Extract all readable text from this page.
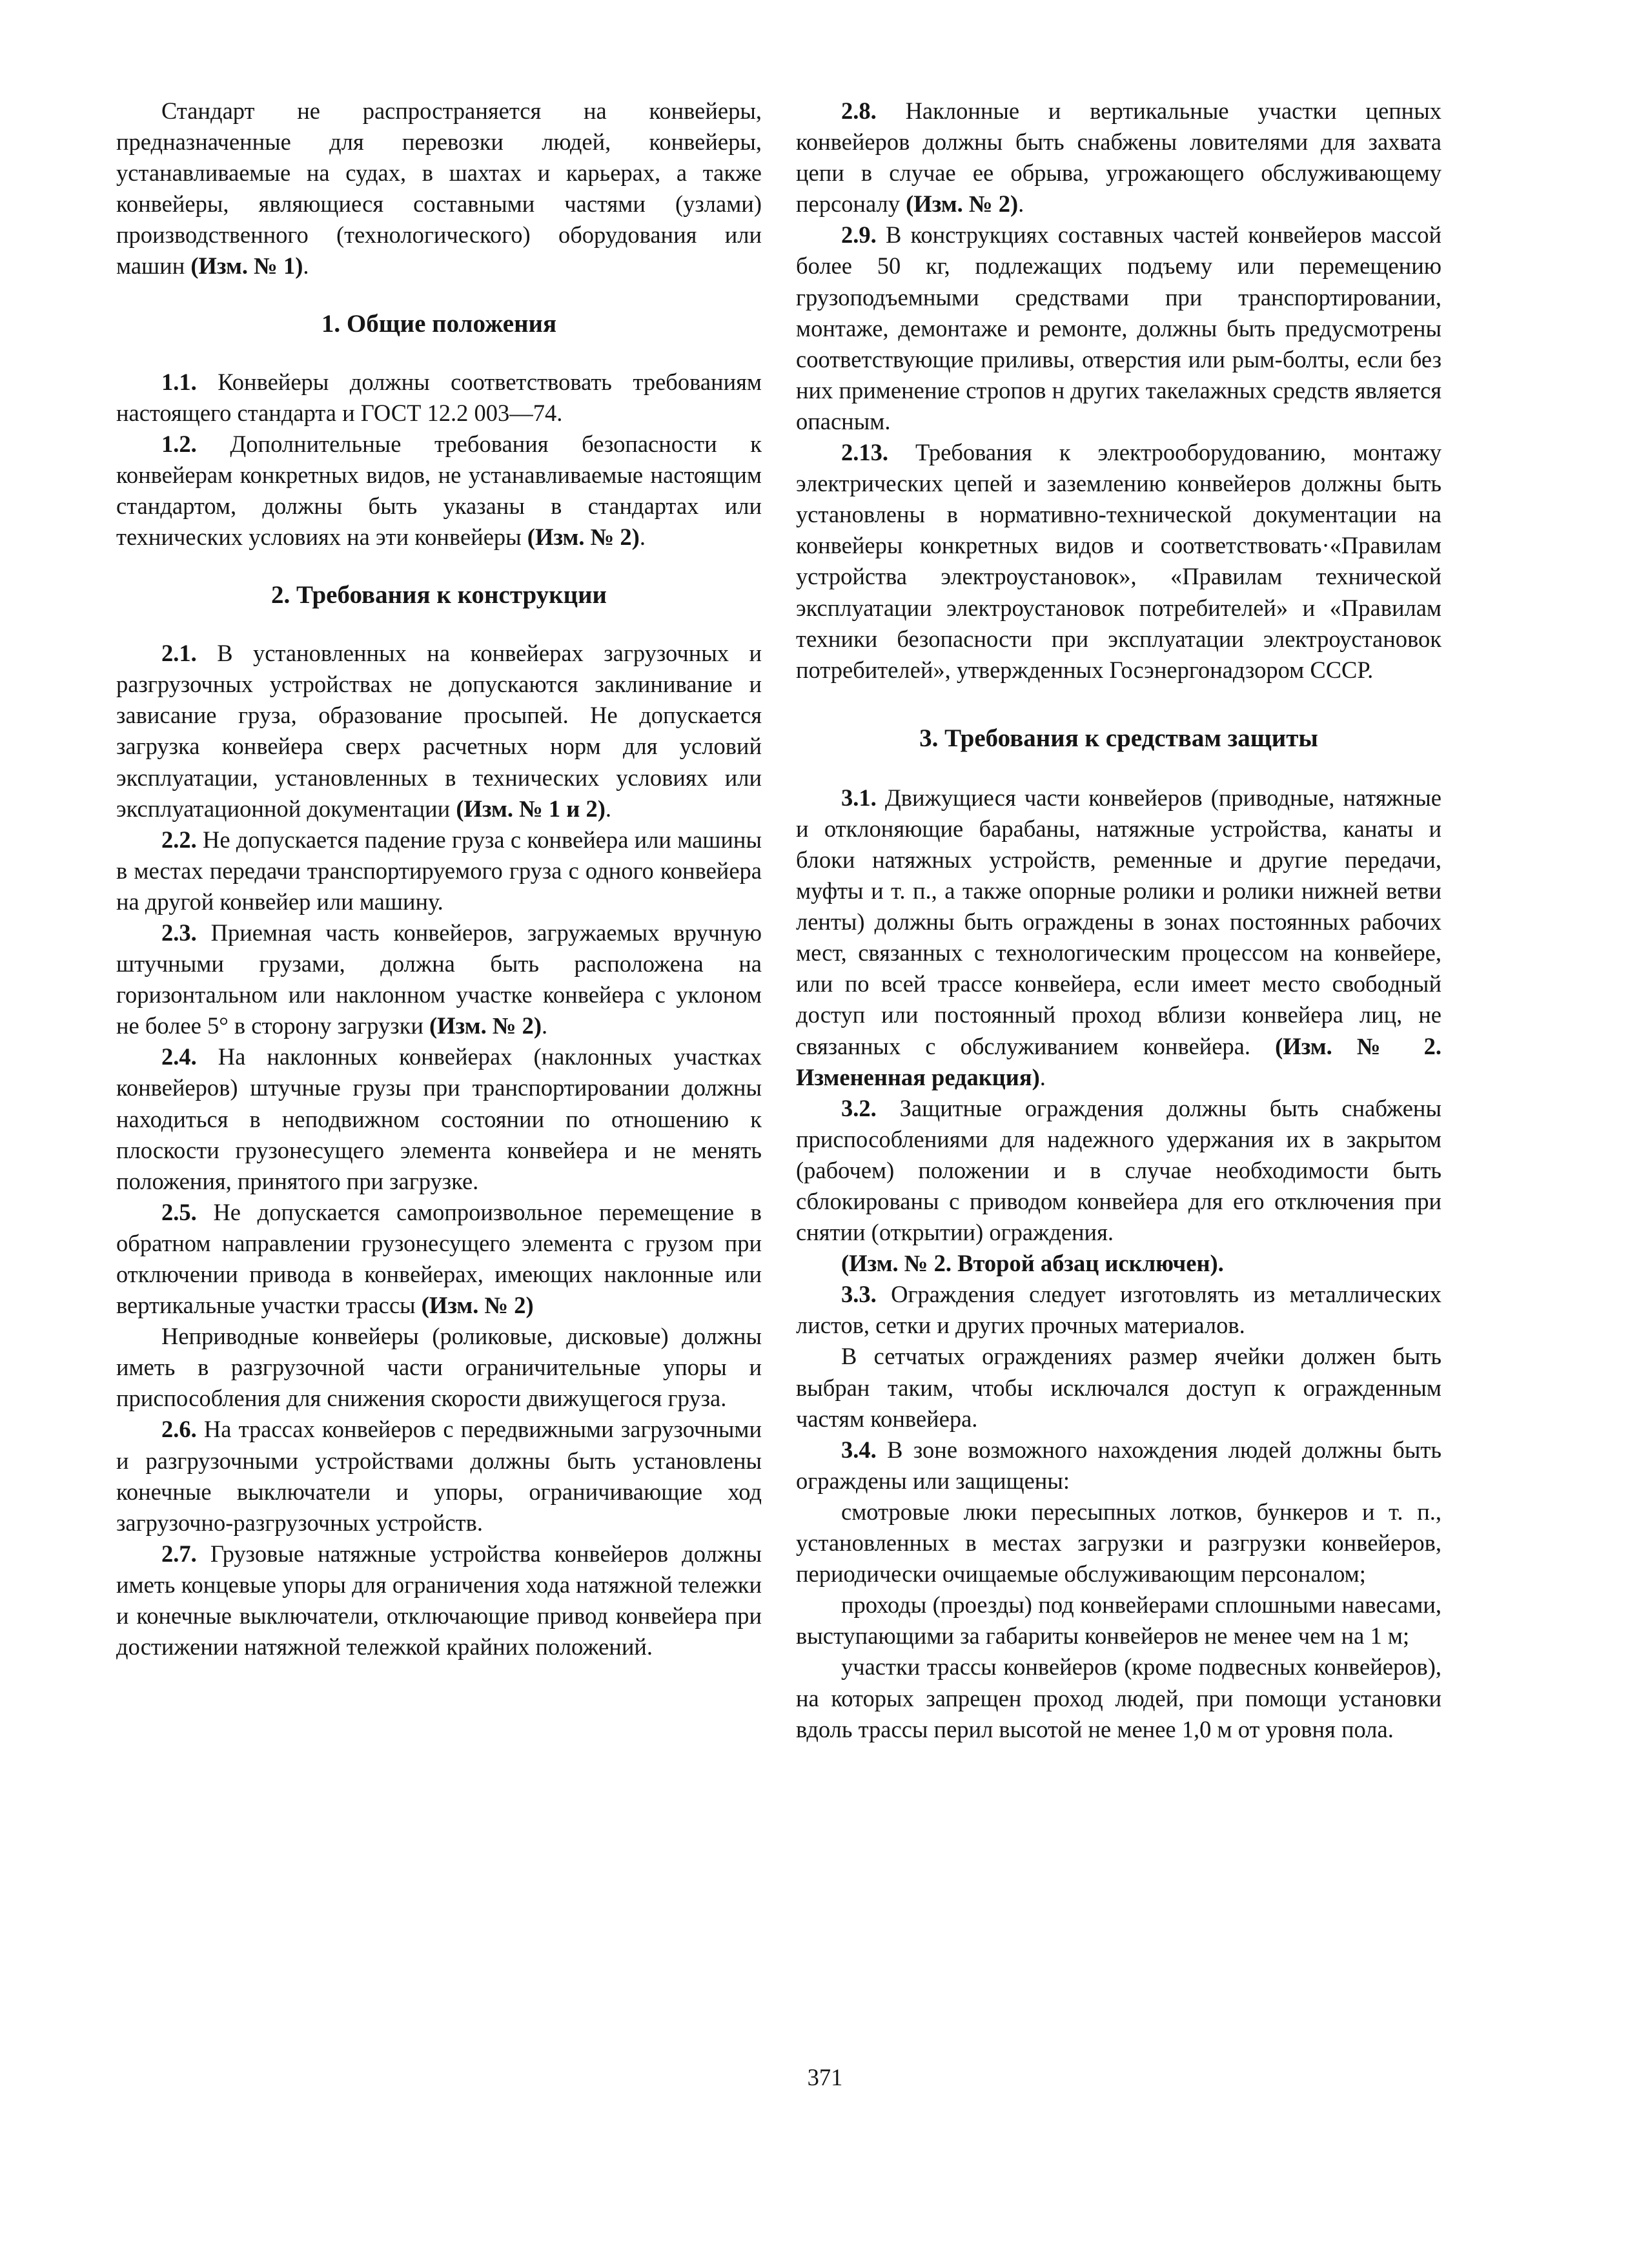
Стандарт не распространяется на конвейеры, предназначенные для перевозки людей, конвейеры, устанавливаемые на судах, в шахтах и карьерах, а также конвейеры, являющиеся составными частями (узлами) производственного (технологического) оборудования или машин (Изм. № 1).

1. Общие положения

1.1. Конвейеры должны соответствовать требованиям настоящего стандарта и ГОСТ 12.2 003—74.

1.2. Дополнительные требования безопасности к конвейерам конкретных видов, не устанавливаемые настоящим стандартом, должны быть указаны в стандартах или технических условиях на эти конвейеры (Изм. № 2).

2. Требования к конструкции

2.1. В установленных на конвейерах загрузочных и разгрузочных устройствах не допускаются заклинивание и зависание груза, образование просыпей. Не допускается загрузка конвейера сверх расчетных норм для условий эксплуатации, установленных в технических условиях или эксплуатационной документации (Изм. № 1 и 2).

2.2. Не допускается падение груза с конвейера или машины в местах передачи транспортируемого груза с одного конвейера на другой конвейер или машину.

2.3. Приемная часть конвейеров, загружаемых вручную штучными грузами, должна быть расположена на горизонтальном или наклонном участке конвейера с уклоном не более 5° в сторону загрузки (Изм. № 2).

2.4. На наклонных конвейерах (наклонных участках конвейеров) штучные грузы при транспортировании должны находиться в неподвижном состоянии по отношению к плоскости грузонесущего элемента конвейера и не менять положения, принятого при загрузке.

2.5. Не допускается самопроизвольное перемещение в обратном направлении грузонесущего элемента с грузом при отключении привода в конвейерах, имеющих наклонные или вертикальные участки трассы (Изм. № 2)

Неприводные конвейеры (роликовые, дисковые) должны иметь в разгрузочной части ограничительные упоры и приспособления для снижения скорости движущегося груза.

2.6. На трассах конвейеров с передвижными загрузочными и разгрузочными устройствами должны быть установлены конечные выключатели и упоры, ограничивающие ход загрузочно-разгрузочных устройств.

2.7. Грузовые натяжные устройства конвейеров должны иметь концевые упоры для ограничения хода натяжной тележки и конечные выключатели, отключающие привод конвейера при достижении натяжной тележкой крайних положений.

2.8. Наклонные и вертикальные участки цепных конвейеров должны быть снабжены ловителями для захвата цепи в случае ее обрыва, угрожающего обслуживающему персоналу (Изм. № 2).

2.9. В конструкциях составных частей конвейеров массой более 50 кг, подлежащих подъему или перемещению грузоподъемными средствами при транспортировании, монтаже, демонтаже и ремонте, должны быть предусмотрены соответствующие приливы, отверстия или рым-болты, если без них применение стропов н других такелажных средств является опасным.

2.13. Требования к электрооборудованию, монтажу электрических цепей и заземлению конвейеров должны быть установлены в нормативно-технической документации на конвейеры конкретных видов и соответствовать·«Правилам устройства электроустановок», «Правилам технической эксплуатации электроустановок потребителей» и «Правилам техники безопасности при эксплуатации электроустановок потребителей», утвержденных Госэнергонадзором СССР.

3. Требования к средствам защиты

3.1. Движущиеся части конвейеров (приводные, натяжные и отклоняющие барабаны, натяжные устройства, канаты и блоки натяжных устройств, ременные и другие передачи, муфты и т. п., а также опорные ролики и ролики нижней ветви ленты) должны быть ограждены в зонах постоянных рабочих мест, связанных с технологическим процессом на конвейере, или по всей трассе конвейера, если имеет место свободный доступ или постоянный проход вблизи конвейера лиц, не связанных с обслуживанием конвейера. (Изм. № 2. Измененная редакция).

3.2. Защитные ограждения должны быть снабжены приспособлениями для надежного удержания их в закрытом (рабочем) положении и в случае необходимости быть сблокированы с приводом конвейера для его отключения при снятии (открытии) ограждения.

(Изм. № 2. Второй абзац исключен).

3.3. Ограждения следует изготовлять из металлических листов, сетки и других прочных материалов.

В сетчатых ограждениях размер ячейки должен быть выбран таким, чтобы исключался доступ к огражденным частям конвейера.

3.4. В зоне возможного нахождения людей должны быть ограждены или защищены:

смотровые люки пересыпных лотков, бункеров и т. п., установленных в местах загрузки и разгрузки конвейеров, периодически очищаемые обслуживающим персоналом;

проходы (проезды) под конвейерами сплошными навесами, выступающими за габариты конвейеров не менее чем на 1 м;

участки трассы конвейеров (кроме подвесных конвейеров), на которых запрещен проход людей, при помощи установки вдоль трассы перил высотой не менее 1,0 м от уровня пола.

371
